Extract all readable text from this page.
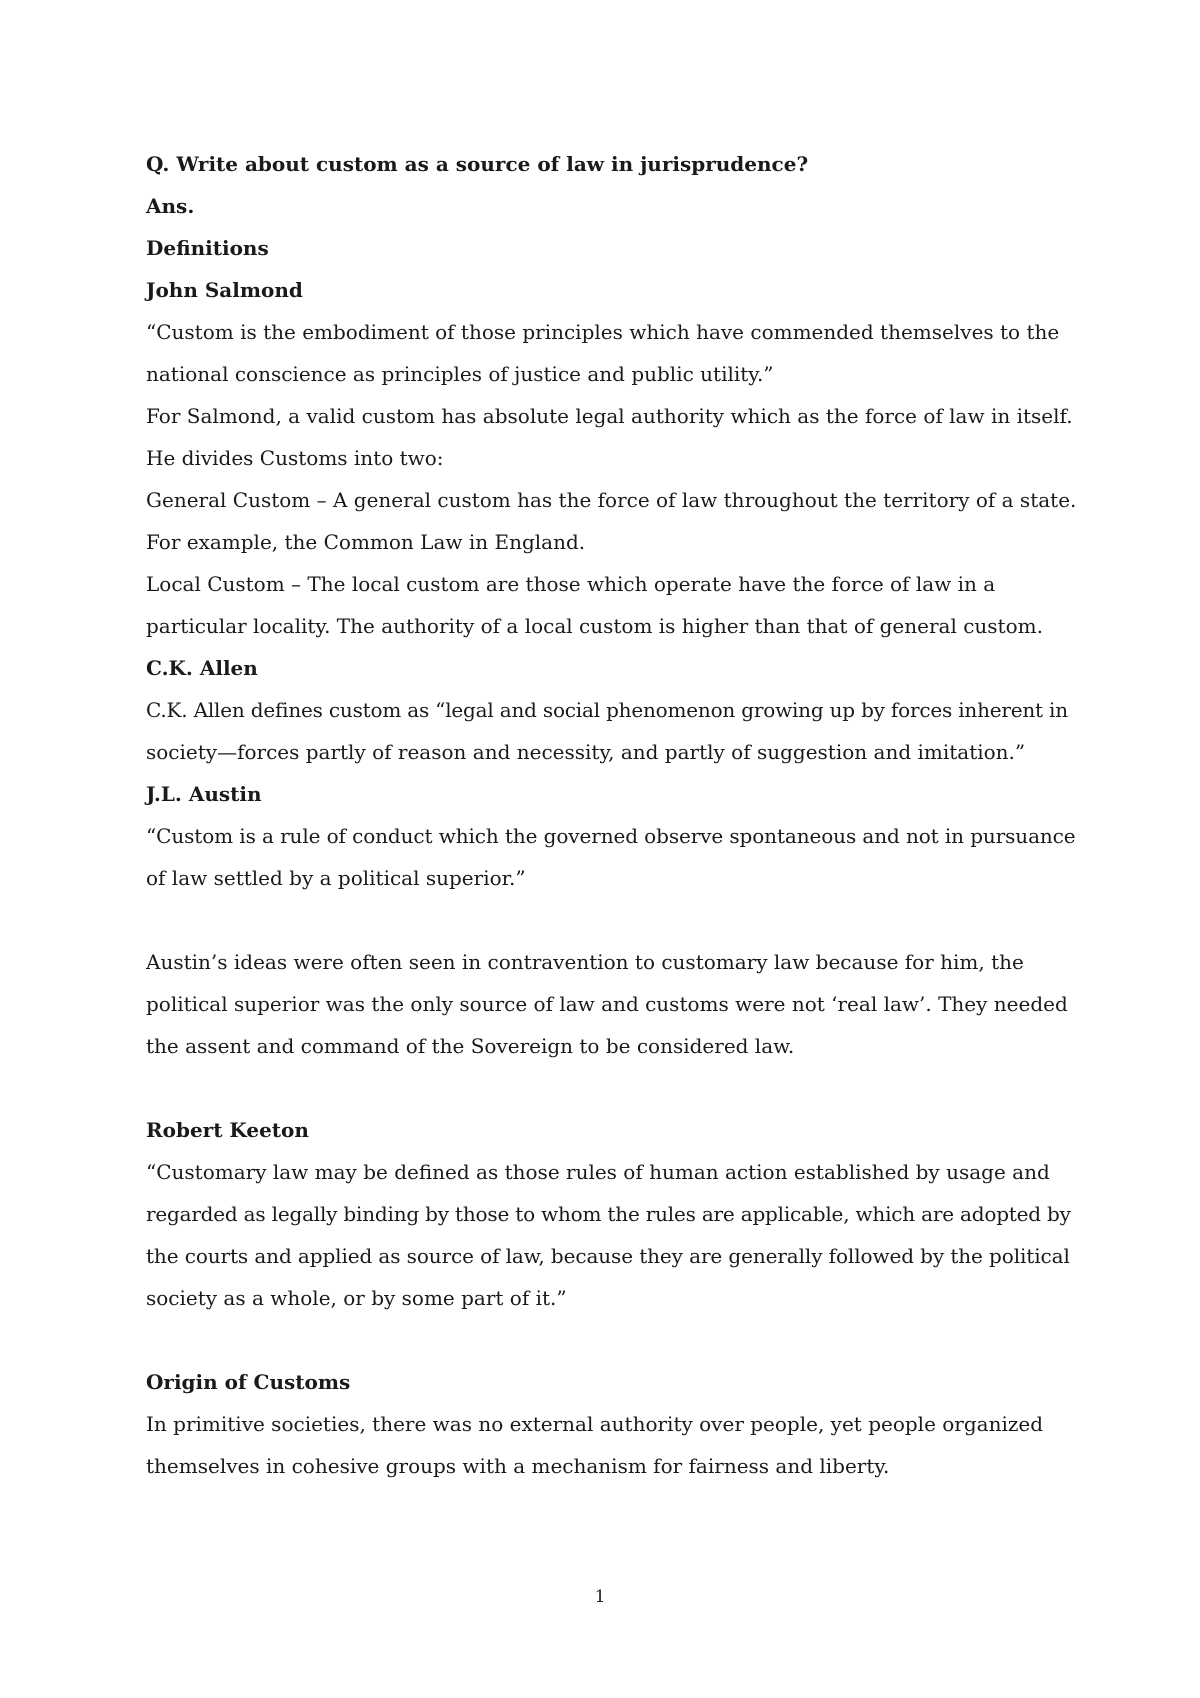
Q. Write about custom as a source of law in jurisprudence?
Ans.
Definitions
John Salmond
“Custom is the embodiment of those principles which have commended themselves to the
national conscience as principles of justice and public utility.”
For Salmond, a valid custom has absolute legal authority which as the force of law in itself.
He divides Customs into two:
General Custom – A general custom has the force of law throughout the territory of a state.
For example, the Common Law in England.
Local Custom – The local custom are those which operate have the force of law in a
particular locality. The authority of a local custom is higher than that of general custom.
C.K. Allen
C.K. Allen defines custom as “legal and social phenomenon growing up by forces inherent in
society—forces partly of reason and necessity, and partly of suggestion and imitation.”
J.L. Austin
“Custom is a rule of conduct which the governed observe spontaneous and not in pursuance
of law settled by a political superior.”
Austin’s ideas were often seen in contravention to customary law because for him, the
political superior was the only source of law and customs were not ‘real law’. They needed
the assent and command of the Sovereign to be considered law.
Robert Keeton
“Customary law may be defined as those rules of human action established by usage and
regarded as legally binding by those to whom the rules are applicable, which are adopted by
the courts and applied as source of law, because they are generally followed by the political
society as a whole, or by some part of it.”
Origin of Customs
In primitive societies, there was no external authority over people, yet people organized
themselves in cohesive groups with a mechanism for fairness and liberty.
1
